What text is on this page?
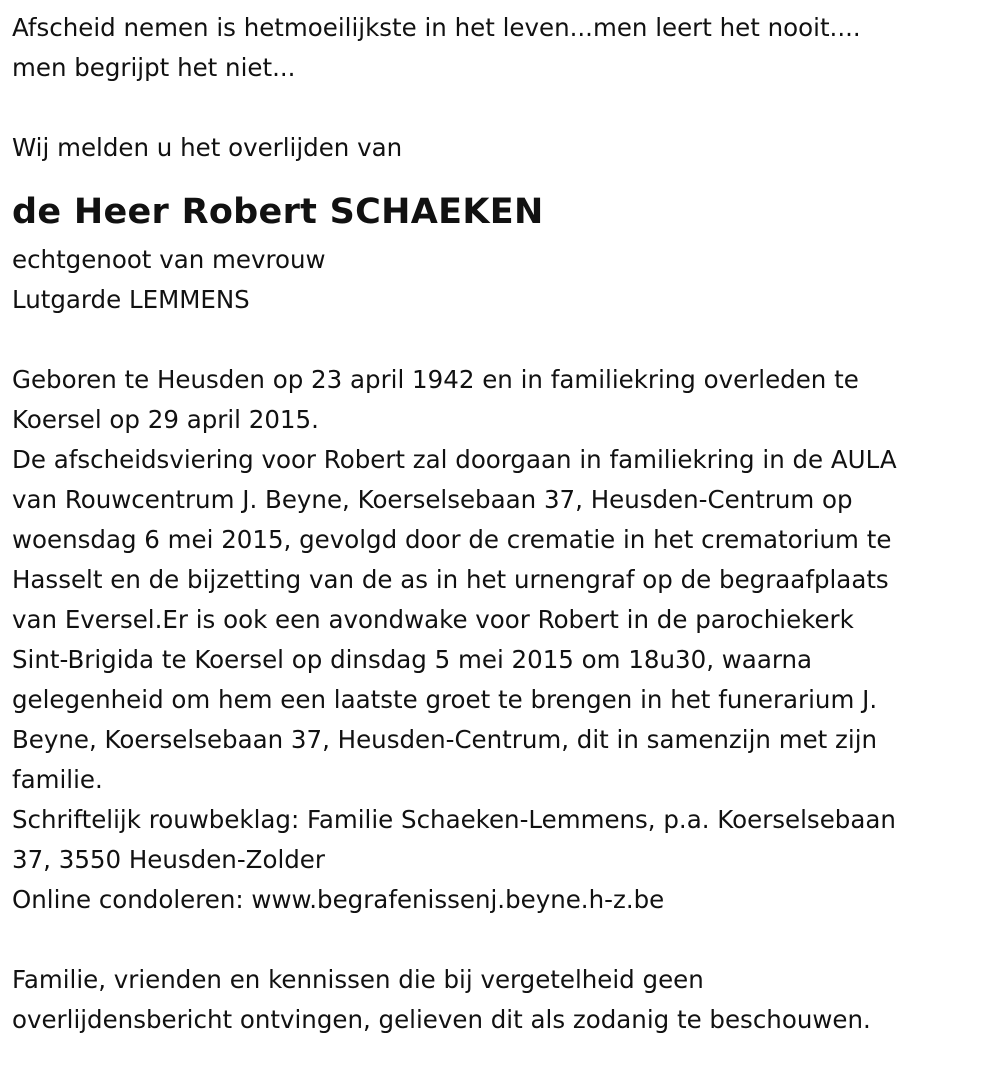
Afscheid nemen is hetmoeilijkste in het leven...men leert het nooit....
men begrijpt het niet...
Wij melden u het overlijden van
de Heer Robert SCHAEKEN
echtgenoot van mevrouw
Lutgarde LEMMENS
Geboren te Heusden op 23 april 1942 en in familiekring overleden te
Koersel op 29 april 2015.
De afscheidsviering voor Robert zal doorgaan in familiekring in de AULA
van Rouwcentrum J. Beyne, Koerselsebaan 37, Heusden-Centrum op
woensdag 6 mei 2015, gevolgd door de crematie in het crematorium te
Hasselt en de bijzetting van de as in het urnengraf op de begraafplaats
van Eversel.Er is ook een avondwake voor Robert in de parochiekerk
Sint-Brigida te Koersel op dinsdag 5 mei 2015 om 18u30, waarna
gelegenheid om hem een laatste groet te brengen in het funerarium J.
Beyne, Koerselsebaan 37, Heusden-Centrum, dit in samenzijn met zijn
familie.
Schriftelijk rouwbeklag: Familie Schaeken-Lemmens, p.a. Koerselsebaan
37, 3550 Heusden-Zolder
Online condoleren: www.begrafenissenj.beyne.h-z.be
Familie, vrienden en kennissen die bij vergetelheid geen
overlijdensbericht ontvingen, gelieven dit als zodanig te beschouwen.
